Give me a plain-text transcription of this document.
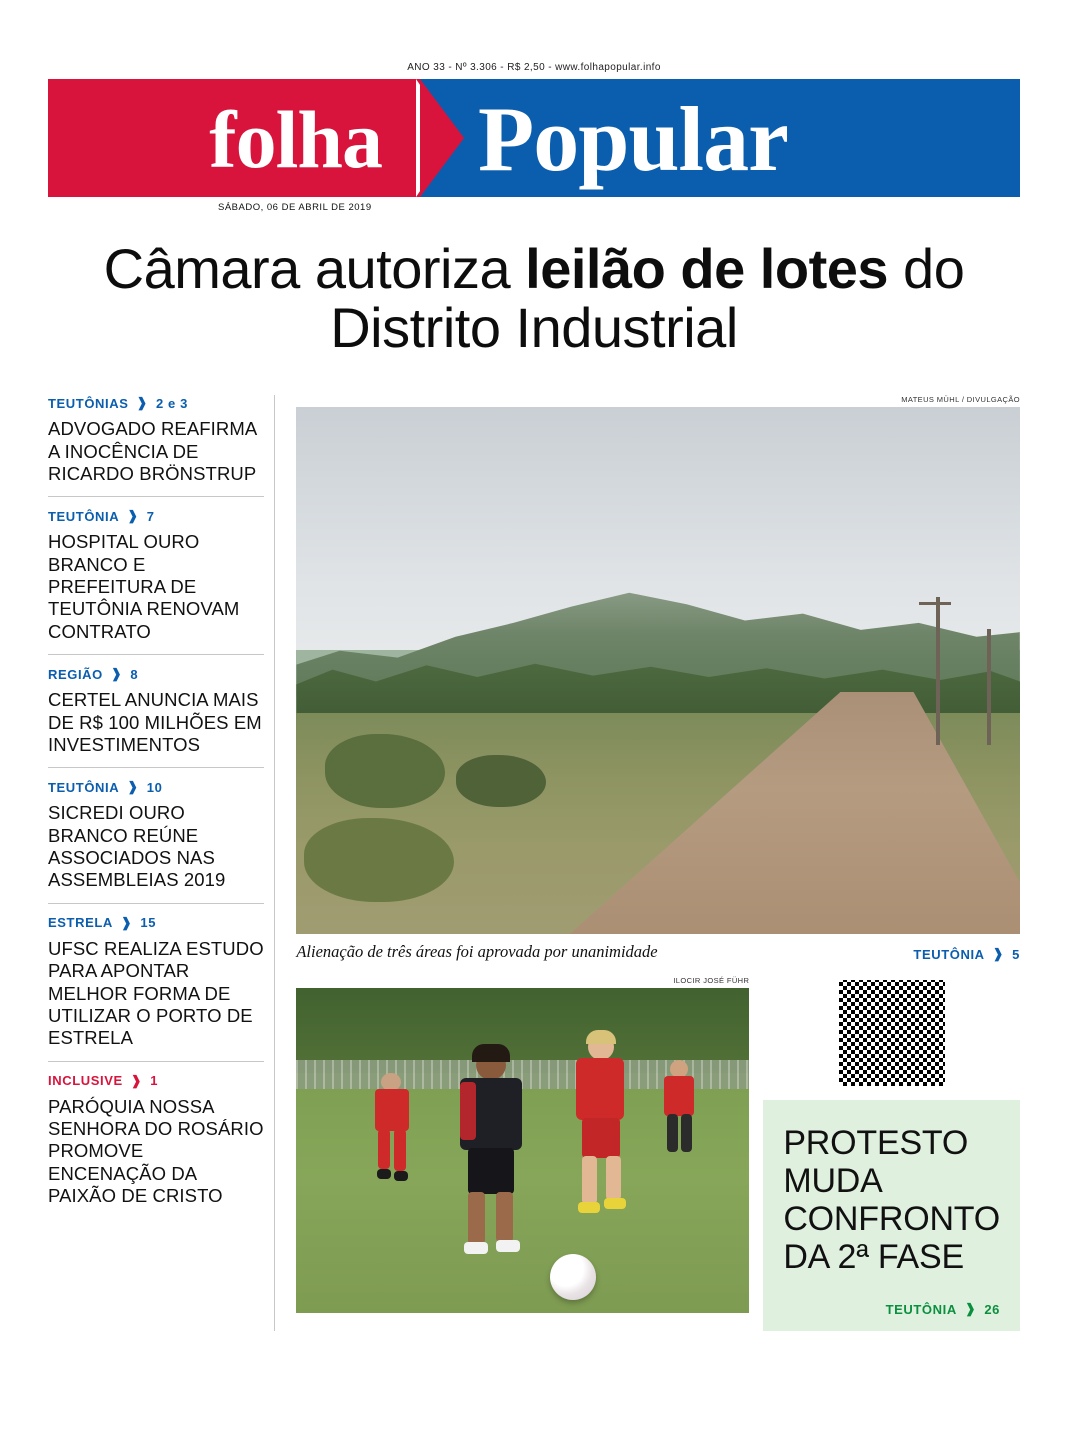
ANO 33 - Nº 3.306 - R$ 2,50 - www.folhapopular.info
folha Popular
SÁBADO, 06 DE ABRIL DE 2019
Câmara autoriza leilão de lotes do Distrito Industrial
TEUTÔNIAS ❱ 2 e 3
ADVOGADO REAFIRMA A INOCÊNCIA DE RICARDO BRÖNSTRUP
TEUTÔNIA ❱ 7
HOSPITAL OURO BRANCO E PREFEITURA DE TEUTÔNIA RENOVAM CONTRATO
REGIÃO ❱ 8
CERTEL ANUNCIA MAIS DE R$ 100 MILHÕES EM INVESTIMENTOS
TEUTÔNIA ❱ 10
SICREDI OURO BRANCO REÚNE ASSOCIADOS NAS ASSEMBLEIAS 2019
ESTRELA ❱ 15
UFSC REALIZA ESTUDO PARA APONTAR MELHOR FORMA DE UTILIZAR O PORTO DE ESTRELA
INCLUSIVE ❱ 1
PARÓQUIA NOSSA SENHORA DO ROSÁRIO PROMOVE ENCENAÇÃO DA PAIXÃO DE CRISTO
MATEUS MÜHL / DIVULGAÇÃO
Alienação de três áreas foi aprovada por unanimidade	TEUTÔNIA ❱ 5
ILOCIR JOSÉ FÜHR
PROTESTO MUDA CONFRONTO DA 2ª FASE
TEUTÔNIA ❱ 26
